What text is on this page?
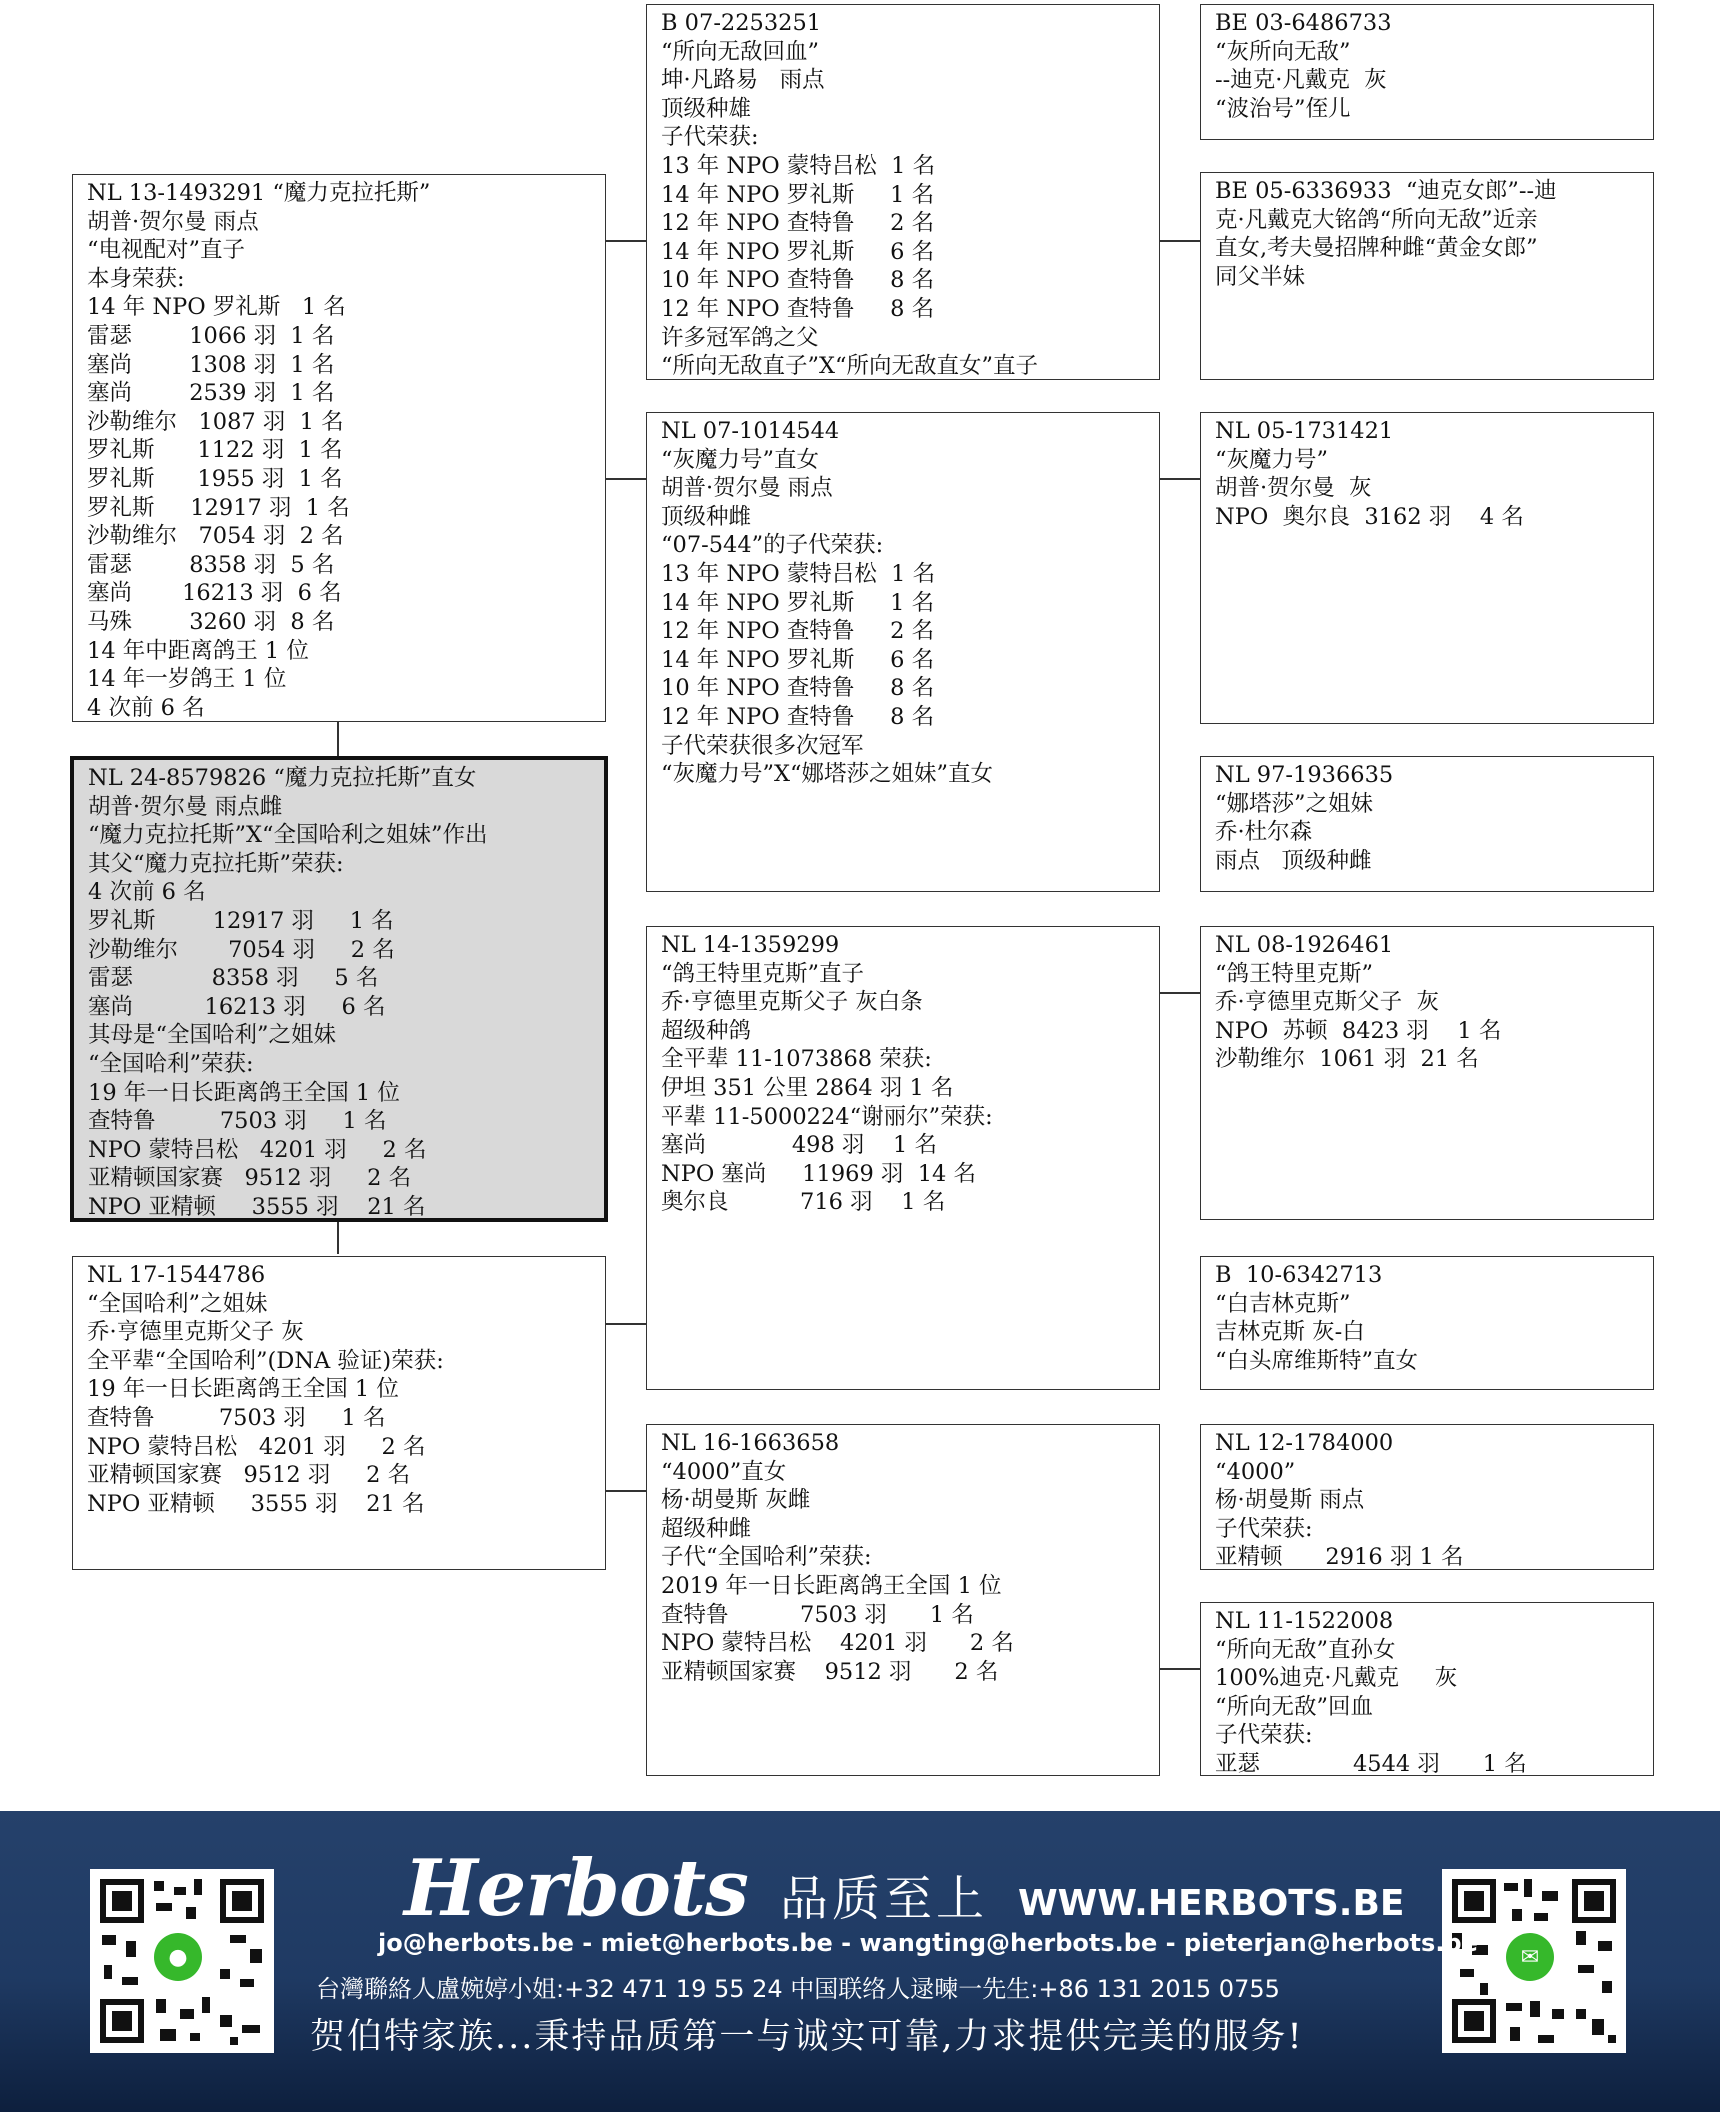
NL 13-1493291 “魔力克拉托斯”
胡普·贺尔曼 雨点
“电视配对”直子
本身荣获:
14 年 NPO 罗礼斯   1 名
雷瑟        1066 羽  1 名
塞尚        1308 羽  1 名
塞尚        2539 羽  1 名
沙勒维尔   1087 羽  1 名
罗礼斯      1122 羽  1 名
罗礼斯      1955 羽  1 名
罗礼斯     12917 羽  1 名
沙勒维尔   7054 羽  2 名
雷瑟        8358 羽  5 名
塞尚       16213 羽  6 名
马殊        3260 羽  8 名
14 年中距离鸽王 1 位
14 年一岁鸽王 1 位
4 次前 6 名
NL 24-8579826 “魔力克拉托斯”直女
胡普·贺尔曼 雨点雌
“魔力克拉托斯”X“全国哈利之姐妹”作出
其父“魔力克拉托斯”荣获:
4 次前 6 名
罗礼斯        12917 羽     1 名
沙勒维尔       7054 羽     2 名
雷瑟           8358 羽     5 名
塞尚          16213 羽     6 名
其母是“全国哈利”之姐妹
“全国哈利”荣获:
19 年一日长距离鸽王全国 1 位
查特鲁         7503 羽     1 名
NPO 蒙特吕松   4201 羽     2 名
亚精顿国家赛   9512 羽     2 名
NPO 亚精顿     3555 羽    21 名
NL 17-1544786
“全国哈利”之姐妹
乔·亨德里克斯父子 灰
全平辈“全国哈利”(DNA 验证)荣获:
19 年一日长距离鸽王全国 1 位
查特鲁         7503 羽     1 名
NPO 蒙特吕松   4201 羽     2 名
亚精顿国家赛   9512 羽     2 名
NPO 亚精顿     3555 羽    21 名
B 07-2253251
“所向无敌回血”
坤·凡路易   雨点
顶级种雄
子代荣获:
13 年 NPO 蒙特吕松  1 名
14 年 NPO 罗礼斯     1 名
12 年 NPO 查特鲁     2 名
14 年 NPO 罗礼斯     6 名
10 年 NPO 查特鲁     8 名
12 年 NPO 查特鲁     8 名
许多冠军鸽之父
“所向无敌直子”X“所向无敌直女”直子
NL 07-1014544
“灰魔力号”直女
胡普·贺尔曼 雨点
顶级种雌
“07-544”的子代荣获:
13 年 NPO 蒙特吕松  1 名
14 年 NPO 罗礼斯     1 名
12 年 NPO 查特鲁     2 名
14 年 NPO 罗礼斯     6 名
10 年 NPO 查特鲁     8 名
12 年 NPO 查特鲁     8 名
子代荣获很多次冠军
“灰魔力号”X“娜塔莎之姐妹”直女
NL 14-1359299
“鸽王特里克斯”直子
乔·亨德里克斯父子 灰白条
超级种鸽
全平辈 11-1073868 荣获:
伊坦 351 公里 2864 羽 1 名
平辈 11-5000224“谢丽尔”荣获:
塞尚            498 羽    1 名
NPO 塞尚     11969 羽  14 名
奥尔良          716 羽    1 名
NL 16-1663658
“4000”直女
杨·胡曼斯 灰雌
超级种雌
子代“全国哈利”荣获:
2019 年一日长距离鸽王全国 1 位
查特鲁          7503 羽      1 名
NPO 蒙特吕松    4201 羽      2 名
亚精顿国家赛    9512 羽      2 名
BE 03-6486733
“灰所向无敌”
--迪克·凡戴克  灰
“波治号”侄儿
BE 05-6336933  “迪克女郎”--迪
克·凡戴克大铭鸽“所向无敌”近亲
直女,考夫曼招牌种雌“黄金女郎”
同父半妹
NL 05-1731421
“灰魔力号”
胡普·贺尔曼  灰
NPO  奥尔良  3162 羽    4 名
NL 97-1936635
“娜塔莎”之姐妹
乔·杜尔森
雨点   顶级种雌
NL 08-1926461
“鸽王特里克斯”
乔·亨德里克斯父子  灰
NPO  苏顿  8423 羽    1 名
沙勒维尔  1061 羽  21 名
B  10-6342713
“白吉林克斯”
吉林克斯 灰-白
“白头席维斯特”直女
NL 12-1784000
“4000”
杨·胡曼斯 雨点
子代荣获:
亚精顿      2916 羽 1 名
NL 11-1522008
“所向无敌”直孙女
100%迪克·凡戴克     灰
“所向无敌”回血
子代荣获:
亚瑟             4544 羽      1 名
●	✉
Herbots 品质至上 WWW.HERBOTS.BE
jo@herbots.be - miet@herbots.be - wangting@herbots.be - pieterjan@herbots.be
台灣聯絡人盧婉婷小姐:+32 471 19 55 24 中国联络人逯暕一先生:+86 131 2015 0755
贺伯特家族...秉持品质第一与诚实可靠,力求提供完美的服务!
